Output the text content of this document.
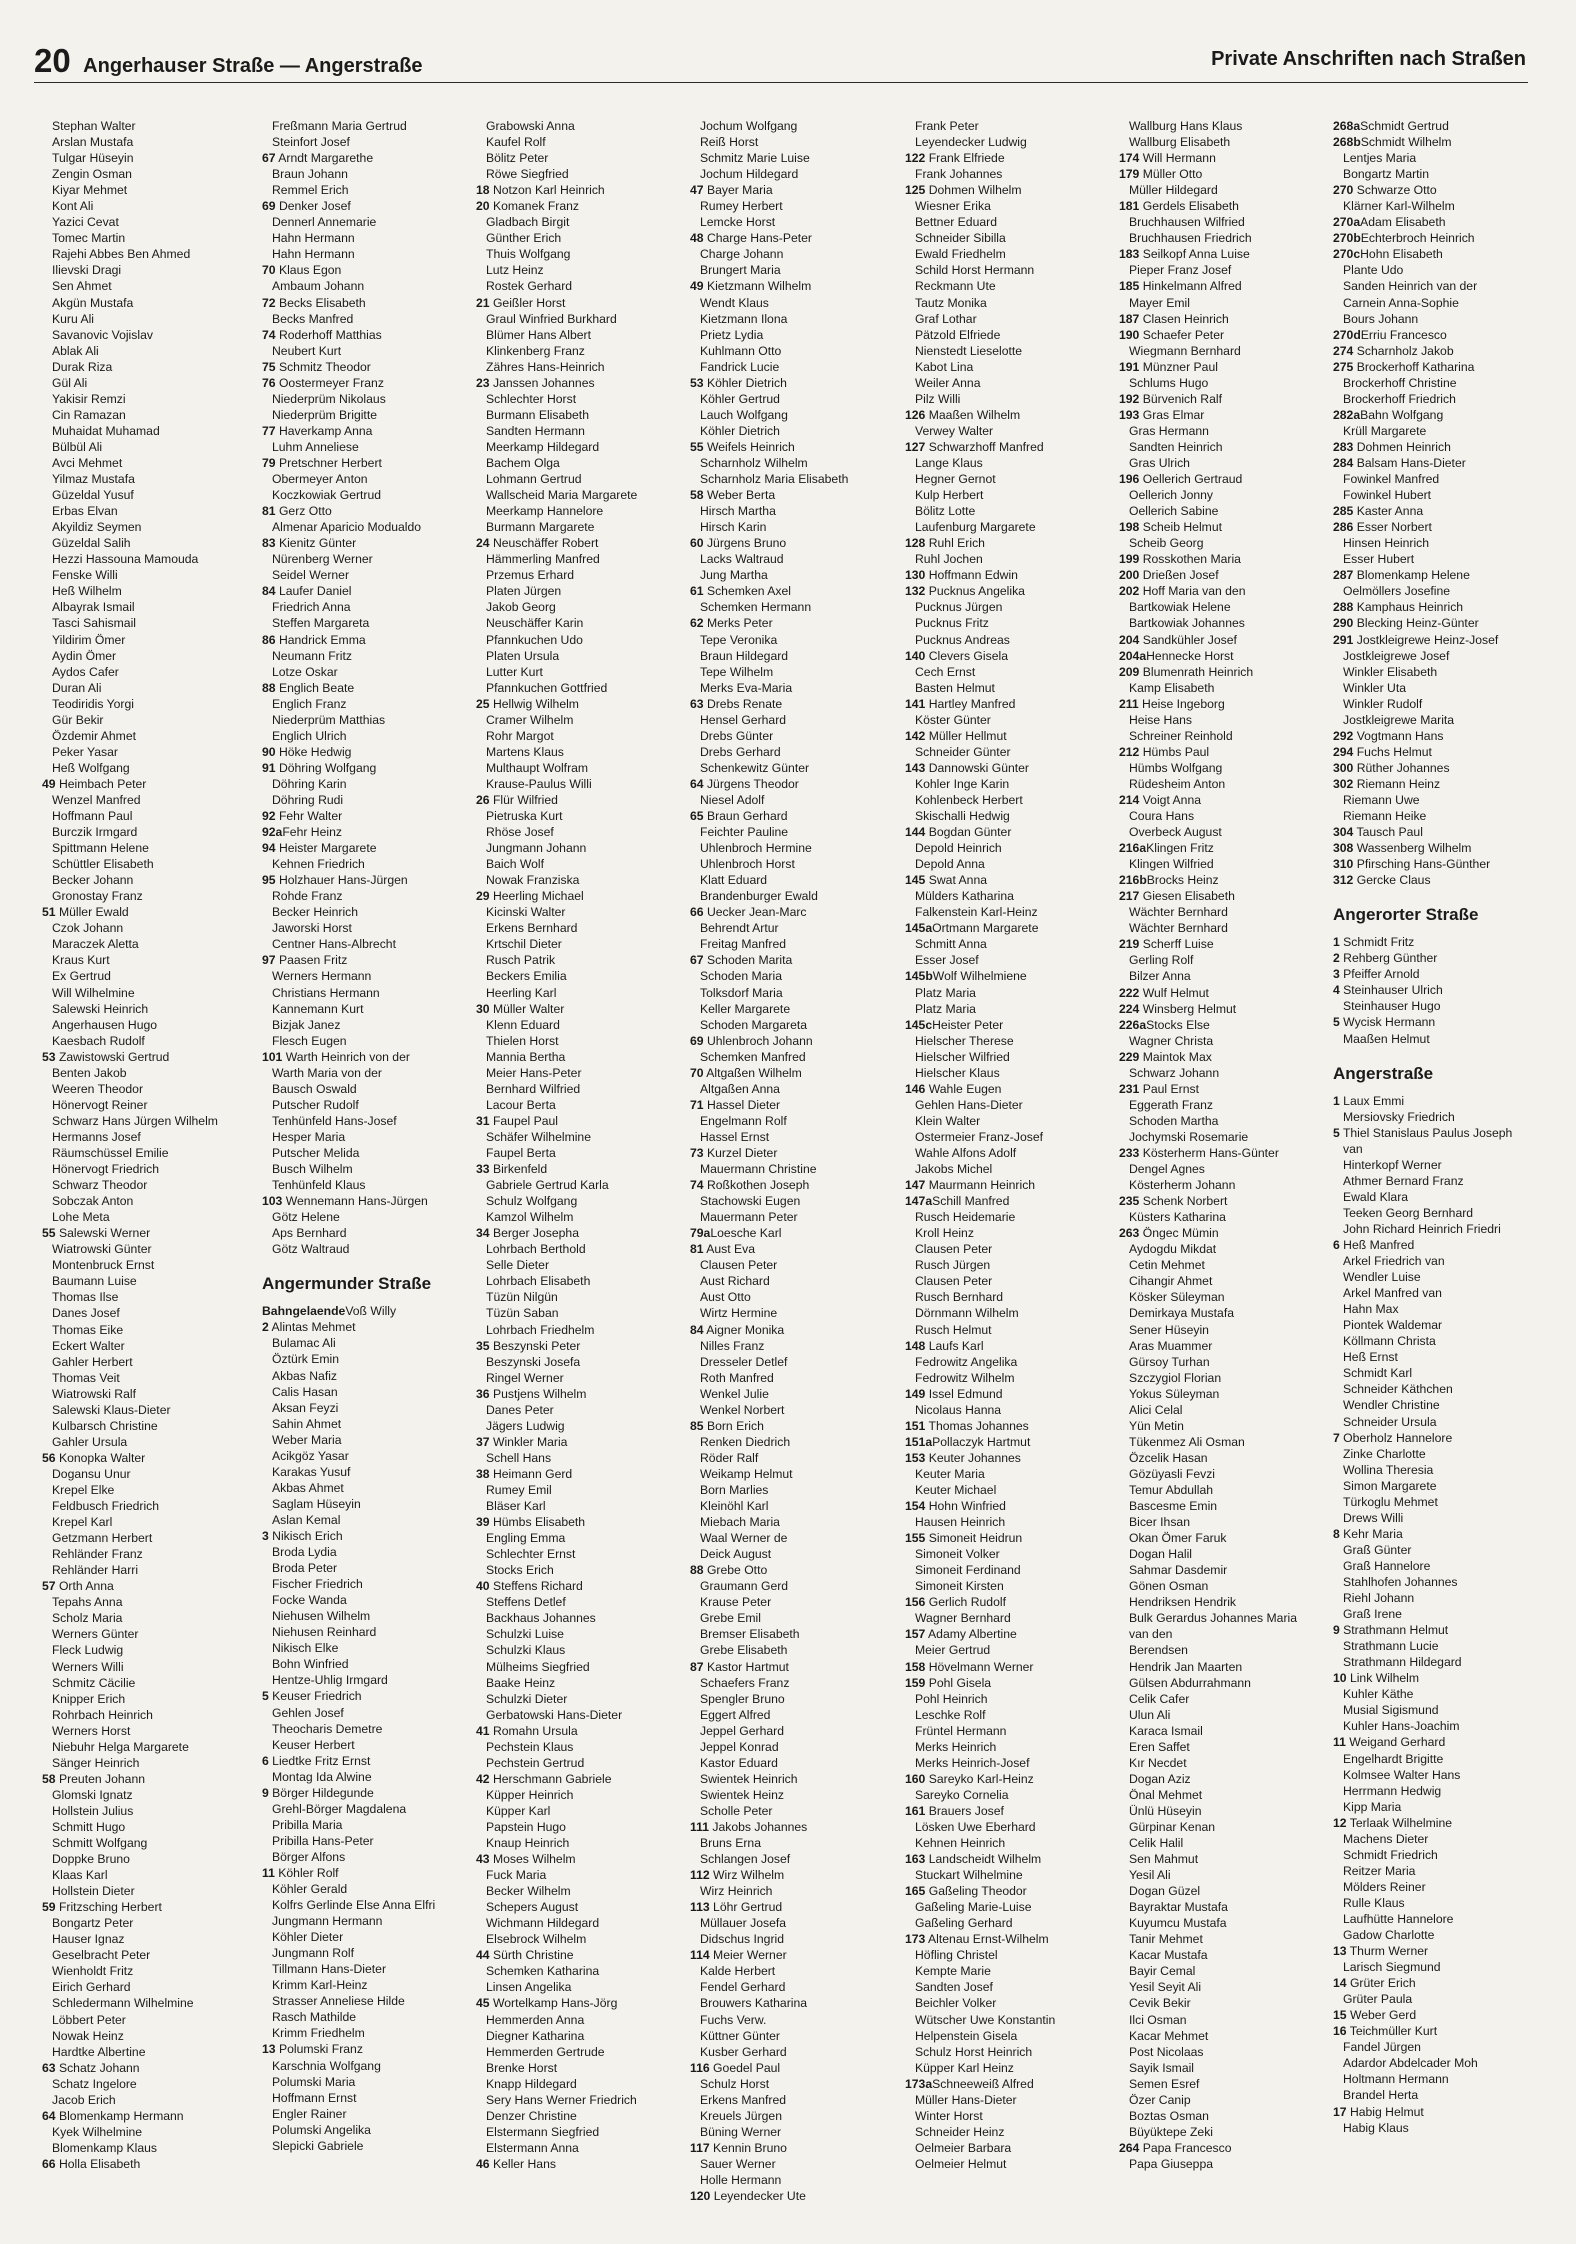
20 Angerhauser Straße — Angerstraße	Private Anschriften nach Straßen
Stephan Walter
Arslan Mustafa
Tulgar Hüseyin
Zengin Osman
Kiyar Mehmet
Kont Ali
Yazici Cevat
Tomec Martin
Rajehi Abbes Ben Ahmed
Ilievski Dragi
Sen Ahmet
Akgün Mustafa
Kuru Ali
Savanovic Vojislav
Ablak Ali
Durak Riza
Gül Ali
Yakisir Remzi
Cin Ramazan
Muhaidat Muhamad
Bülbül Ali
Avci Mehmet
Yilmaz Mustafa
Güzeldal Yusuf
Erbas Elvan
Akyildiz Seymen
Güzeldal Salih
Hezzi Hassouna Mamouda
Fenske Willi
Heß Wilhelm
Albayrak Ismail
Tasci Sahismail
Yildirim Ömer
Aydin Ömer
Aydos Cafer
Duran Ali
Teodiridis Yorgi
Gür Bekir
Özdemir Ahmet
Peker Yasar
Heß Wolfgang
49 Heimbach Peter
Wenzel Manfred
Hoffmann Paul
Burczik Irmgard
Spittmann Helene
Schüttler Elisabeth
Becker Johann
Gronostay Franz
51 Müller Ewald
Czok Johann
Maraczek Aletta
Kraus Kurt
Ex Gertrud
Will Wilhelmine
Salewski Heinrich
Angerhausen Hugo
Kaesbach Rudolf
53 Zawistowski Gertrud
Benten Jakob
Weeren Theodor
Hönervogt Reiner
Schwarz Hans Jürgen Wilhelm
Hermanns Josef
Räumschüssel Emilie
Hönervogt Friedrich
Schwarz Theodor
Sobczak Anton
Lohe Meta
55 Salewski Werner
Wiatrowski Günter
Montenbruck Ernst
Baumann Luise
Thomas Ilse
Danes Josef
Thomas Eike
Eckert Walter
Gahler Herbert
Thomas Veit
Wiatrowski Ralf
Salewski Klaus-Dieter
Kulbarsch Christine
Gahler Ursula
56 Konopka Walter
Dogansu Unur
Krepel Elke
Feldbusch Friedrich
Krepel Karl
Getzmann Herbert
Rehländer Franz
Rehländer Harri
57 Orth Anna
Tepahs Anna
Scholz Maria
Werners Günter
Fleck Ludwig
Werners Willi
Schmitz Cäcilie
Knipper Erich
Rohrbach Heinrich
Werners Horst
Niebuhr Helga Margarete
Sänger Heinrich
58 Preuten Johann
Glomski Ignatz
Hollstein Julius
Schmitt Hugo
Schmitt Wolfgang
Doppke Bruno
Klaas Karl
Hollstein Dieter
59 Fritzsching Herbert
Bongartz Peter
Hauser Ignaz
Geselbracht Peter
Wienholdt Fritz
Eirich Gerhard
Schledermann Wilhelmine
Löbbert Peter
Nowak Heinz
Hardtke Albertine
63 Schatz Johann
Schatz Ingelore
Jacob Erich
64 Blomenkamp Hermann
Kyek Wilhelmine
Blomenkamp Klaus
66 Holla Elisabeth
Freßmann Maria Gertrud
Steinfort Josef
67 Arndt Margarethe
Braun Johann
Remmel Erich
69 Denker Josef
Dennerl Annemarie
Hahn Hermann
Hahn Hermann
70 Klaus Egon
Ambaum Johann
72 Becks Elisabeth
Becks Manfred
74 Roderhoff Matthias
Neubert Kurt
75 Schmitz Theodor
76 Oostermeyer Franz
Niederprüm Nikolaus
Niederprüm Brigitte
77 Haverkamp Anna
Luhm Anneliese
79 Pretschner Herbert
Obermeyer Anton
Koczkowiak Gertrud
81 Gerz Otto
Almenar Aparicio Modualdo
83 Kienitz Günter
Nürenberg Werner
Seidel Werner
84 Laufer Daniel
Friedrich Anna
Steffen Margareta
86 Handrick Emma
Neumann Fritz
Lotze Oskar
88 Englich Beate
Englich Franz
Niederprüm Matthias
Englich Ulrich
90 Höke Hedwig
91 Döhring Wolfgang
Döhring Karin
Döhring Rudi
92 Fehr Walter
92aFehr Heinz
94 Heister Margarete
Kehnen Friedrich
95 Holzhauer Hans-Jürgen
Rohde Franz
Becker Heinrich
Jaworski Horst
Centner Hans-Albrecht
97 Paasen Fritz
Werners Hermann
Christians Hermann
Kannemann Kurt
Bizjak Janez
Flesch Eugen
101 Warth Heinrich von der
Warth Maria von der
Bausch Oswald
Putscher Rudolf
Tenhünfeld Hans-Josef
Hesper Maria
Putscher Melida
Busch Wilhelm
Tenhünfeld Klaus
103 Wennemann Hans-Jürgen
Götz Helene
Aps Bernhard
Götz Waltraud
Angermunder Straße
BahngelaendeVoß Willy
2 Alintas Mehmet
Bulamac Ali
Öztürk Emin
Akbas Nafiz
Calis Hasan
Aksan Feyzi
Sahin Ahmet
Weber Maria
Acikgöz Yasar
Karakas Yusuf
Akbas Ahmet
Saglam Hüseyin
Aslan Kemal
3 Nikisch Erich
Broda Lydia
Broda Peter
Fischer Friedrich
Focke Wanda
Niehusen Wilhelm
Niehusen Reinhard
Nikisch Elke
Bohn Winfried
Hentze-Uhlig Irmgard
5 Keuser Friedrich
Gehlen Josef
Theocharis Demetre
Keuser Herbert
6 Liedtke Fritz Ernst
Montag Ida Alwine
9 Börger Hildegunde
Grehl-Börger Magdalena
Pribilla Maria
Pribilla Hans-Peter
Börger Alfons
11 Köhler Rolf
Köhler Gerald
Kolfrs Gerlinde Else Anna Elfri
Jungmann Hermann
Köhler Dieter
Jungmann Rolf
Tillmann Hans-Dieter
Krimm Karl-Heinz
Strasser Anneliese Hilde
Rasch Mathilde
Krimm Friedhelm
13 Polumski Franz
Karschnia Wolfgang
Polumski Maria
Hoffmann Ernst
Engler Rainer
Polumski Angelika
Slepicki Gabriele
Grabowski Anna
Kaufel Rolf
Bölitz Peter
Röwe Siegfried
18 Notzon Karl Heinrich
20 Komanek Franz
Gladbach Birgit
Günther Erich
Thuis Wolfgang
Lutz Heinz
Rostek Gerhard
21 Geißler Horst
Graul Winfried Burkhard
Blümer Hans Albert
Klinkenberg Franz
Zähres Hans-Heinrich
23 Janssen Johannes
Schlechter Horst
Burmann Elisabeth
Sandten Hermann
Meerkamp Hildegard
Bachem Olga
Lohmann Gertrud
Wallscheid Maria Margarete
Meerkamp Hannelore
Burmann Margarete
24 Neuschäffer Robert
Hämmerling Manfred
Przemus Erhard
Platen Jürgen
Jakob Georg
Neuschäffer Karin
Pfannkuchen Udo
Platen Ursula
Lutter Kurt
Pfannkuchen Gottfried
25 Hellwig Wilhelm
Cramer Wilhelm
Rohr Margot
Martens Klaus
Multhaupt Wolfram
Krause-Paulus Willi
26 Flür Wilfried
Pietruska Kurt
Rhöse Josef
Jungmann Johann
Baich Wolf
Nowak Franziska
29 Heerling Michael
Kicinski Walter
Erkens Bernhard
Krtschil Dieter
Rusch Patrik
Beckers Emilia
Heerling Karl
30 Müller Walter
Klenn Eduard
Thielen Horst
Mannia Bertha
Meier Hans-Peter
Bernhard Wilfried
Lacour Berta
31 Faupel Paul
Schäfer Wilhelmine
Faupel Berta
33 Birkenfeld
Gabriele Gertrud Karla
Schulz Wolfgang
Kamzol Wilhelm
34 Berger Josepha
Lohrbach Berthold
Selle Dieter
Lohrbach Elisabeth
Tüzün Nilgün
Tüzün Saban
Lohrbach Friedhelm
35 Beszynski Peter
Beszynski Josefa
Ringel Werner
36 Pustjens Wilhelm
Danes Peter
Jägers Ludwig
37 Winkler Maria
Schell Hans
38 Heimann Gerd
Rumey Emil
Bläser Karl
39 Hümbs Elisabeth
Engling Emma
Schlechter Ernst
Stocks Erich
40 Steffens Richard
Steffens Detlef
Backhaus Johannes
Schulzki Luise
Schulzki Klaus
Mülheims Siegfried
Baake Heinz
Schulzki Dieter
Gerbatowski Hans-Dieter
41 Romahn Ursula
Pechstein Klaus
Pechstein Gertrud
42 Herschmann Gabriele
Küpper Heinrich
Küpper Karl
Papstein Hugo
Knaup Heinrich
43 Moses Wilhelm
Fuck Maria
Becker Wilhelm
Schepers August
Wichmann Hildegard
Elsebrock Wilhelm
44 Sürth Christine
Schemken Katharina
Linsen Angelika
45 Wortelkamp Hans-Jörg
Hemmerden Anna
Diegner Katharina
Hemmerden Gertrude
Brenke Horst
Knapp Hildegard
Sery Hans Werner Friedrich
Denzer Christine
Elstermann Siegfried
Elstermann Anna
46 Keller Hans
Jochum Wolfgang
Reiß Horst
Schmitz Marie Luise
Jochum Hildegard
47 Bayer Maria
Rumey Herbert
Lemcke Horst
48 Charge Hans-Peter
Charge Johann
Brungert Maria
49 Kietzmann Wilhelm
Wendt Klaus
Kietzmann Ilona
Prietz Lydia
Kuhlmann Otto
Fandrick Lucie
53 Köhler Dietrich
Köhler Gertrud
Lauch Wolfgang
Köhler Dietrich
55 Weifels Heinrich
Scharnholz Wilhelm
Scharnholz Maria Elisabeth
58 Weber Berta
Hirsch Martha
Hirsch Karin
60 Jürgens Bruno
Lacks Waltraud
Jung Martha
61 Schemken Axel
Schemken Hermann
62 Merks Peter
Tepe Veronika
Braun Hildegard
Tepe Wilhelm
Merks Eva-Maria
63 Drebs Renate
Hensel Gerhard
Drebs Günter
Drebs Gerhard
Schenkewitz Günter
64 Jürgens Theodor
Niesel Adolf
65 Braun Gerhard
Feichter Pauline
Uhlenbroch Hermine
Uhlenbroch Horst
Klatt Eduard
Brandenburger Ewald
66 Uecker Jean-Marc
Behrendt Artur
Freitag Manfred
67 Schoden Marita
Schoden Maria
Tolksdorf Maria
Keller Margarete
Schoden Margareta
69 Uhlenbroch Johann
Schemken Manfred
70 Altgaßen Wilhelm
Altgaßen Anna
71 Hassel Dieter
Engelmann Rolf
Hassel Ernst
73 Kurzel Dieter
Mauermann Christine
74 Roßkothen Joseph
Stachowski Eugen
Mauermann Peter
79aLoesche Karl
81 Aust Eva
Clausen Peter
Aust Richard
Aust Otto
Wirtz Hermine
84 Aigner Monika
Nilles Franz
Dresseler Detlef
Roth Manfred
Wenkel Julie
Wenkel Norbert
85 Born Erich
Renken Diedrich
Röder Ralf
Weikamp Helmut
Born Marlies
Kleinöhl Karl
Miebach Maria
Waal Werner de
Deick August
88 Grebe Otto
Graumann Gerd
Krause Peter
Grebe Emil
Bremser Elisabeth
Grebe Elisabeth
87 Kastor Hartmut
Schaefers Franz
Spengler Bruno
Eggert Alfred
Jeppel Gerhard
Jeppel Konrad
Kastor Eduard
Swientek Heinrich
Swientek Heinz
Scholle Peter
111 Jakobs Johannes
Bruns Erna
Schlangen Josef
112 Wirz Wilhelm
Wirz Heinrich
113 Löhr Gertrud
Müllauer Josefa
Didschus Ingrid
114 Meier Werner
Kalde Herbert
Fendel Gerhard
Brouwers Katharina
Fuchs Verw.
Küttner Günter
Kusber Gerhard
116 Goedel Paul
Schulz Horst
Erkens Manfred
Kreuels Jürgen
Büning Werner
117 Kennin Bruno
Sauer Werner
Holle Hermann
120 Leyendecker Ute
Frank Peter
Leyendecker Ludwig
122 Frank Elfriede
Frank Johannes
125 Dohmen Wilhelm
Wiesner Erika
Bettner Eduard
Schneider Sibilla
Ewald Friedhelm
Schild Horst Hermann
Reckmann Ute
Tautz Monika
Graf Lothar
Pätzold Elfriede
Nienstedt Lieselotte
Kabot Lina
Weiler Anna
Pilz Willi
126 Maaßen Wilhelm
Verwey Walter
127 Schwarzhoff Manfred
Lange Klaus
Hegner Gernot
Kulp Herbert
Bölitz Lotte
Laufenburg Margarete
128 Ruhl Erich
Ruhl Jochen
130 Hoffmann Edwin
132 Pucknus Angelika
Pucknus Jürgen
Pucknus Fritz
Pucknus Andreas
140 Clevers Gisela
Cech Ernst
Basten Helmut
141 Hartley Manfred
Köster Günter
142 Müller Hellmut
Schneider Günter
143 Dannowski Günter
Kohler Inge Karin
Kohlenbeck Herbert
Skischalli Hedwig
144 Bogdan Günter
Depold Heinrich
Depold Anna
145 Swat Anna
Mülders Katharina
Falkenstein Karl-Heinz
145aOrtmann Margarete
Schmitt Anna
Esser Josef
145bWolf Wilhelmiene
Platz Maria
Platz Maria
145cHeister Peter
Hielscher Therese
Hielscher Wilfried
Hielscher Klaus
146 Wahle Eugen
Gehlen Hans-Dieter
Klein Walter
Ostermeier Franz-Josef
Wahle Alfons Adolf
Jakobs Michel
147 Maurmann Heinrich
147aSchill Manfred
Rusch Heidemarie
Kroll Heinz
Clausen Peter
Rusch Jürgen
Clausen Peter
Rusch Bernhard
Dörnmann Wilhelm
Rusch Helmut
148 Laufs Karl
Fedrowitz Angelika
Fedrowitz Wilhelm
149 Issel Edmund
Nicolaus Hanna
151 Thomas Johannes
151aPollaczyk Hartmut
153 Keuter Johannes
Keuter Maria
Keuter Michael
154 Hohn Winfried
Hausen Heinrich
155 Simoneit Heidrun
Simoneit Volker
Simoneit Ferdinand
Simoneit Kirsten
156 Gerlich Rudolf
Wagner Bernhard
157 Adamy Albertine
Meier Gertrud
158 Hövelmann Werner
159 Pohl Gisela
Pohl Heinrich
Leschke Rolf
Früntel Hermann
Merks Heinrich
Merks Heinrich-Josef
160 Sareyko Karl-Heinz
Sareyko Cornelia
161 Brauers Josef
Lösken Uwe Eberhard
Kehnen Heinrich
163 Landscheidt Wilhelm
Stuckart Wilhelmine
165 Gaßeling Theodor
Gaßeling Marie-Luise
Gaßeling Gerhard
173 Altenau Ernst-Wilhelm
Höfling Christel
Kempte Marie
Sandten Josef
Beichler Volker
Wütscher Uwe Konstantin
Helpenstein Gisela
Schulz Horst Heinrich
Küpper Karl Heinz
173aSchneeweiß Alfred
Müller Hans-Dieter
Winter Horst
Schneider Heinz
Oelmeier Barbara
Oelmeier Helmut
Wallburg Hans Klaus
Wallburg Elisabeth
174 Will Hermann
179 Müller Otto
Müller Hildegard
181 Gerdels Elisabeth
Bruchhausen Wilfried
Bruchhausen Friedrich
183 Seilkopf Anna Luise
Pieper Franz Josef
185 Hinkelmann Alfred
Mayer Emil
187 Clasen Heinrich
190 Schaefer Peter
Wiegmann Bernhard
191 Münzner Paul
Schlums Hugo
192 Bürvenich Ralf
193 Gras Elmar
Gras Hermann
Sandten Heinrich
Gras Ulrich
196 Oellerich Gertraud
Oellerich Jonny
Oellerich Sabine
198 Scheib Helmut
Scheib Georg
199 Rosskothen Maria
200 Drießen Josef
202 Hoff Maria van den
Bartkowiak Helene
Bartkowiak Johannes
204 Sandkühler Josef
204aHennecke Horst
209 Blumenrath Heinrich
Kamp Elisabeth
211 Heise Ingeborg
Heise Hans
Schreiner Reinhold
212 Hümbs Paul
Hümbs Wolfgang
Rüdesheim Anton
214 Voigt Anna
Coura Hans
Overbeck August
216aKlingen Fritz
Klingen Wilfried
216bBrocks Heinz
217 Giesen Elisabeth
Wächter Bernhard
Wächter Bernhard
219 Scherff Luise
Gerling Rolf
Bilzer Anna
222 Wulf Helmut
224 Winsberg Helmut
226aStocks Else
Wagner Christa
229 Maintok Max
Schwarz Johann
231 Paul Ernst
Eggerath Franz
Schoden Martha
Jochymski Rosemarie
233 Kösterherm Hans-Günter
Dengel Agnes
Kösterherm Johann
235 Schenk Norbert
Küsters Katharina
263 Öngec Mümin
Aydogdu Mikdat
Cetin Mehmet
Cihangir Ahmet
Kösker Süleyman
Demirkaya Mustafa
Sener Hüseyin
Aras Muammer
Gürsoy Turhan
Szczygiol Florian
Yokus Süleyman
Alici Celal
Yün Metin
Tükenmez Ali Osman
Özcelik Hasan
Gözüyasli Fevzi
Temur Abdullah
Bascesme Emin
Bicer Ihsan
Okan Ömer Faruk
Dogan Halil
Sahmar Dasdemir
Gönen Osman
Hendriksen Hendrik
Bulk Gerardus Johannes Maria
van den
Berendsen
Hendrik Jan Maarten
Gülsen Abdurrahmann
Celik Cafer
Ulun Ali
Karaca Ismail
Eren Saffet
Kır Necdet
Dogan Aziz
Önal Mehmet
Ünlü Hüseyin
Gürpinar Kenan
Celik Halil
Sen Mahmut
Yesil Ali
Dogan Güzel
Bayraktar Mustafa
Kuyumcu Mustafa
Tanir Mehmet
Kacar Mustafa
Bayir Cemal
Yesil Seyit Ali
Cevik Bekir
Ilci Osman
Kacar Mehmet
Post Nicolaas
Sayik Ismail
Semen Esref
Özer Canip
Boztas Osman
Büyüktepe Zeki
264 Papa Francesco
Papa Giuseppa
268aSchmidt Gertrud
268bSchmidt Wilhelm
Lentjes Maria
Bongartz Martin
270 Schwarze Otto
Klärner Karl-Wilhelm
270aAdam Elisabeth
270bEchterbroch Heinrich
270cHohn Elisabeth
Plante Udo
Sanden Heinrich van der
Carnein Anna-Sophie
Bours Johann
270dErriu Francesco
274 Scharnholz Jakob
275 Brockerhoff Katharina
Brockerhoff Christine
Brockerhoff Friedrich
282aBahn Wolfgang
Krüll Margarete
283 Dohmen Heinrich
284 Balsam Hans-Dieter
Fowinkel Manfred
Fowinkel Hubert
285 Kaster Anna
286 Esser Norbert
Hinsen Heinrich
Esser Hubert
287 Blomenkamp Helene
Oelmöllers Josefine
288 Kamphaus Heinrich
290 Blecking Heinz-Günter
291 Jostkleigrewe Heinz-Josef
Jostkleigrewe Josef
Winkler Elisabeth
Winkler Uta
Winkler Rudolf
Jostkleigrewe Marita
292 Vogtmann Hans
294 Fuchs Helmut
300 Rüther Johannes
302 Riemann Heinz
Riemann Uwe
Riemann Heike
304 Tausch Paul
308 Wassenberg Wilhelm
310 Pfirsching Hans-Günther
312 Gercke Claus
Angerorter Straße
1 Schmidt Fritz
2 Rehberg Günther
3 Pfeiffer Arnold
4 Steinhauser Ulrich
Steinhauser Hugo
5 Wycisk Hermann
Maaßen Helmut
Angerstraße
1 Laux Emmi
Mersiovsky Friedrich
5 Thiel Stanislaus Paulus Joseph
van
Hinterkopf Werner
Athmer Bernard Franz
Ewald Klara
Teeken Georg Bernhard
John Richard Heinrich Friedri
6 Heß Manfred
Arkel Friedrich van
Wendler Luise
Arkel Manfred van
Hahn Max
Piontek Waldemar
Köllmann Christa
Heß Ernst
Schmidt Karl
Schneider Käthchen
Wendler Christine
Schneider Ursula
7 Oberholz Hannelore
Zinke Charlotte
Wollina Theresia
Simon Margarete
Türkoglu Mehmet
Drews Willi
8 Kehr Maria
Graß Günter
Graß Hannelore
Stahlhofen Johannes
Riehl Johann
Graß Irene
9 Strathmann Helmut
Strathmann Lucie
Strathmann Hildegard
10 Link Wilhelm
Kuhler Käthe
Musial Sigismund
Kuhler Hans-Joachim
11 Weigand Gerhard
Engelhardt Brigitte
Kolmsee Walter Hans
Herrmann Hedwig
Kipp Maria
12 Terlaak Wilhelmine
Machens Dieter
Schmidt Friedrich
Reitzer Maria
Mölders Reiner
Rulle Klaus
Laufhütte Hannelore
Gadow Charlotte
13 Thurm Werner
Larisch Siegmund
14 Grüter Erich
Grüter Paula
15 Weber Gerd
16 Teichmüller Kurt
Fandel Jürgen
Adardor Abdelcader Moh
Holtmann Hermann
Brandel Herta
17 Habig Helmut
Habig Klaus
